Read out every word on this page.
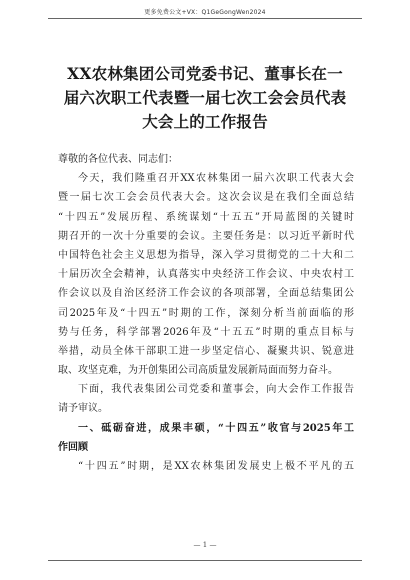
更多免费公文+VX：Q1GeGongWen2024
XX农林集团公司党委书记、董事长在一
届六次职工代表暨一届七次工会会员代表
大会上的工作报告
尊敬的各位代表、同志们：
今天，我们隆重召开XX农林集团一届六次职工代表大会
暨一届七次工会会员代表大会。这次会议是在我们全面总结
“十四五”发展历程、系统谋划“十五五”开局蓝图的关键时
期召开的一次十分重要的会议。主要任务是：以习近平新时代
中国特色社会主义思想为指导，深入学习贯彻党的二十大和二
十届历次全会精神，认真落实中央经济工作会议、中央农村工
作会议以及自治区经济工作会议的各项部署，全面总结集团公
司2025年及“十四五”时期的工作，深刻分析当前面临的形
势与任务，科学部署2026年及“十五五”时期的重点目标与
举措，动员全体干部职工进一步坚定信心、凝聚共识、锐意进
取、攻坚克难，为开创集团公司高质量发展新局面而努力奋斗。
下面，我代表集团公司党委和董事会，向大会作工作报告
请予审议。
一、砥砺奋进，成果丰硕，“十四五”收官与2025年工
作回顾
“十四五”时期，是XX农林集团发展史上极不平凡的五
— 1 —
